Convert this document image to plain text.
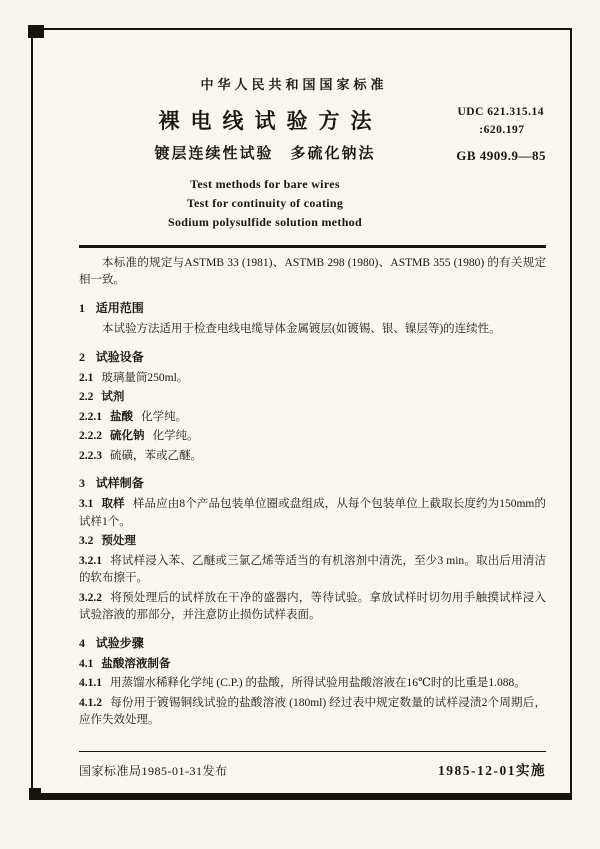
中华人民共和国国家标准
UDC 621.315.14
:620.197
GB 4909.9—85
裸电线试验方法
镀层连续性试验　多硫化钠法
Test methods for bare wires
Test for continuity of coating
Sodium polysulfide solution method

本标准的规定与ASTMB 33 (1981)、ASTMB 298 (1980)、ASTMB 355 (1980) 的有关规定相一致。

1 适用范围

本试验方法适用于检查电线电缆导体金属镀层(如镀锡、银、镍层等)的连续性。

2 试验设备

2.1 玻璃量筒250ml。

2.2 试剂

2.2.1 盐酸 化学纯。

2.2.2 硫化钠 化学纯。

2.2.3 硫磺，苯或乙醚。

3 试样制备

3.1 取样 样品应由8个产品包装单位圈或盘组成，从每个包装单位上截取长度约为150mm的试样1个。

3.2 预处理

3.2.1 将试样浸入苯、乙醚或三氯乙烯等适当的有机溶剂中清洗，至少3 min。取出后用清洁的软布擦干。

3.2.2 将预处理后的试样放在干净的盛器内，等待试验。拿放试样时切勿用手触摸试样浸入试验溶液的那部分，并注意防止损伤试样表面。

4 试验步骤

4.1 盐酸溶液制备

4.1.1 用蒸馏水稀释化学纯 (C.P.) 的盐酸，所得试验用盐酸溶液在16℃时的比重是1.088。

4.1.2 每份用于镀锡铜线试验的盐酸溶液 (180ml) 经过表中规定数量的试样浸渍2个周期后，应作失效处理。

国家标准局1985-01-31发布	1985-12-01实施
